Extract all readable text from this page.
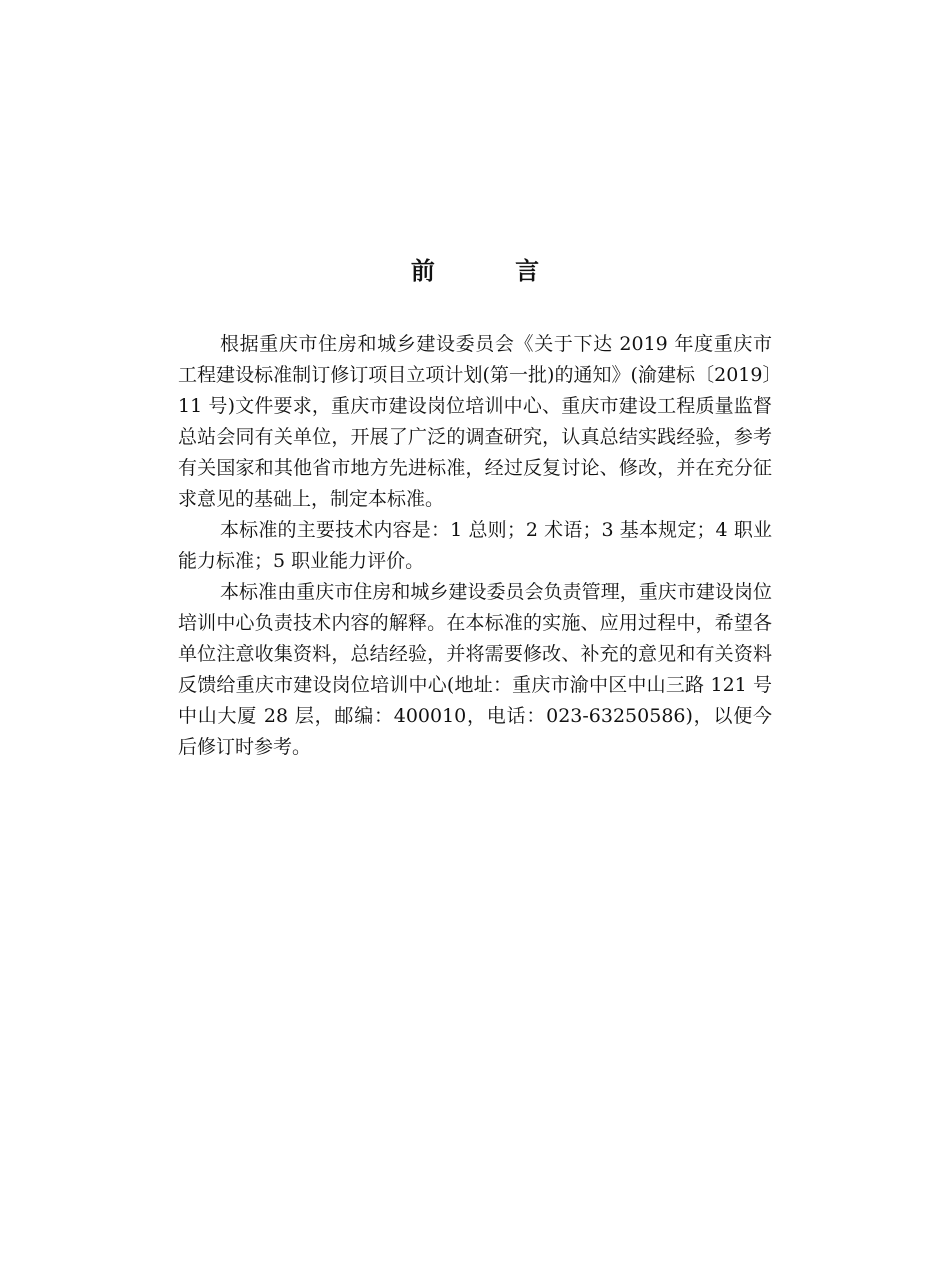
前 言

根据重庆市住房和城乡建设委员会《关于下达 2019 年度重庆市工程建设标准制订修订项目立项计划(第一批)的通知》(渝建标〔2019〕11 号)文件要求，重庆市建设岗位培训中心、重庆市建设工程质量监督总站会同有关单位，开展了广泛的调查研究，认真总结实践经验，参考有关国家和其他省市地方先进标准，经过反复讨论、修改，并在充分征求意见的基础上，制定本标准。

本标准的主要技术内容是：1 总则；2 术语；3 基本规定；4 职业能力标准；5 职业能力评价。

本标准由重庆市住房和城乡建设委员会负责管理，重庆市建设岗位培训中心负责技术内容的解释。在本标准的实施、应用过程中，希望各单位注意收集资料，总结经验，并将需要修改、补充的意见和有关资料反馈给重庆市建设岗位培训中心(地址：重庆市渝中区中山三路 121 号中山大厦 28 层，邮编：400010，电话：023-63250586)，以便今后修订时参考。
